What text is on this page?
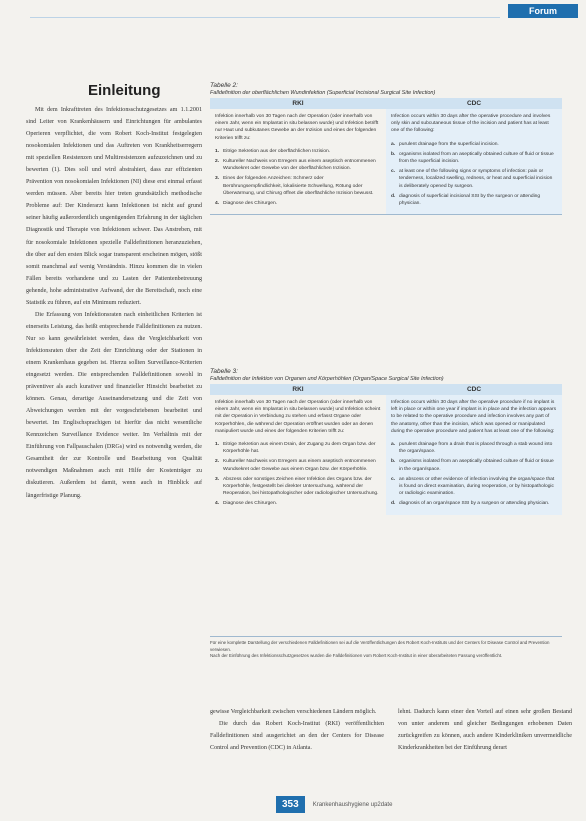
Forum
Einleitung

Mit dem Inkrafttreten des Infektionsschutzgesetzes am 1.1.2001 sind Leiter von Krankenhäusern und Einrichtungen für ambulantes Operieren verpflichtet, die vom Robert Koch-Institut festgelegten nosokomialen Infektionen und das Auftreten von Krankheitserregern mit speziellen Resistenzen und Multiresistenzen aufzuzeichnen und zu bewerten (1). Dies soll und wird abstrahiert, dass zur effizienten Prävention von nosokomialen Infektionen (NI) diese erst einmal erfasst werden müssen. Aber bereits hier treten grundsätzlich methodische Probleme auf: Der Kinderarzt kann Infektionen ist nicht auf grund seiner häufig außerordentlich ungenügenden Erfahrung in der täglichen Diagnostik und Therapie von Infektionen schwer. Das Anstreben, mit für nosokomiale Infektionen spezielle Falldefinitionen heranzuziehen, die über auf den ersten Blick sogar transparent erscheinen mögen, stößt somit manchmal auf wenig Verständnis. Hinzu kommen die in vielen Fällen bereits vorhandene und zu Lasten der Patientenbetreuung gehende, hohe administrative Aufwand, der die Bereitschaft, noch eine Statistik zu führen, auf ein Minimum reduziert.

Die Erfassung von Infektionsraten nach einheitlichen Kriterien ist einerseits Leistung, das heißt entsprechende Falldefinitionen zu nutzen. Nur so kann gewährleistet werden, dass die Vergleichbarkeit von Infektionsraten über die Zeit der Einrichtung oder der Stationen in einem Krankenhaus gegeben ist. Hierzu sollten Surveillance-Kriterien eingesetzt werden. Die entsprechenden Falldefinitionen sowohl in präventiver als auch kurativer und finanzieller Hinsicht bearbeitet zu können. Genau, derartige Auseinandersetzung und die Zeit von Abweichungen werden mit der vorgeschriebenen bearbeitet und bewertet. Im Englischsprachigen ist hierfür das nicht wesentliche Kennzeichen Surveillance Evidence weiter. Im Verhältnis mit der Einführung von Fallpauschalen (DRGs) wird es notwendig werden, die Gesamtheit der zur Kontrolle und Bearbeitung von Qualität notwendigen Maßnahmen auch mit Hilfe der Kostenträger zu diskutieren. Außerdem ist damit, wenn auch in Hinblick auf längerfristige Planung.

Tabelle 2:
Falldefinition der oberflächlichen Wundinfektion (Superficial Incisional Surgical Site Infection)
RKI	CDC
Infektion innerhalb von 30 Tagen nach der Operation (oder innerhalb von einem Jahr, wenn ein Implantat in situ belassen wurde) und Infektion betrifft nur Haut und subkutanes Gewebe an der Inzision und eines der folgenden Kriterien trifft zu:
1. Eitrige Sekretion aus der oberflächlichen Inzision.
2. Kultureller Nachweis von Erregern aus einem aseptisch entnommenen Wundsekret oder Gewebe von der oberflächlichen Inzision.
3. Eines der folgenden Anzeichen: Schmerz oder Berührungsempfindlichkeit, lokalisierte Schwellung, Rötung oder Überwärmung, und Chirurg öffnet die oberflächliche Inzision bewusst.
4. Diagnose des Chirurgen.
Infection occurs within 30 days after the operative procedure and involves only skin and subcutaneous tissue of the incision and patient has at least one of the following:
a. purulent drainage from the superficial incision.
b. organisms isolated from an aseptically obtained culture of fluid or tissue from the superficial incision.
c. at least one of the following signs or symptoms of infection: pain or tenderness, localized swelling, redness, or heat and superficial incision is deliberately opened by surgeon.
d. diagnosis of superficial incisional SSI by the surgeon or attending physician.
Tabelle 3:
Falldefinition der Infektion von Organen und Körperhöhlen (Organ/Space Surgical Site Infection)
RKI	CDC
Infektion innerhalb von 30 Tagen nach der Operation (oder innerhalb von einem Jahr, wenn ein Implantat in situ belassen wurde) und Infektion scheint mit der Operation in Verbindung zu stehen und erfasst Organe oder Körperhöhlen, die während der Operation eröffnet wurden oder an denen manipuliert wurde und eines der folgenden Kriterien trifft zu:
1. Eitrige Sekretion aus einem Drain, der Zugang zu dem Organ bzw. der Körperhöhle hat.
2. Kultureller Nachweis von Erregern aus einem aseptisch entnommenen Wundsekret oder Gewebe aus einem Organ bzw. der Körperhöhle.
3. Abszess oder sonstiges Zeichen einer Infektion des Organs bzw. der Körperhöhle, festgestellt bei direkter Untersuchung, während der Reoperation, bei histopathologischer oder radiologischer Untersuchung.
4. Diagnose des Chirurgen.
Infection occurs within 30 days after the operative procedure if no implant is left in place or within one year if implant is in place and the infection appears to be related to the operative procedure and infection involves any part of the anatomy, other than the incision, which was opened or manipulated during the operative procedure and patient has at least one of the following:
a. purulent drainage from a drain that is placed through a stab wound into the organ/space.
b. organisms isolated from an aseptically obtained culture of fluid or tissue in the organ/space.
c. an abscess or other evidence of infection involving the organ/space that is found on direct examination, during reoperation, or by histopathologic or radiologic examination.
d. diagnosis of an organ/space SSI by a surgeon or attending physician.

Für eine komplette Darstellung der verschiedenen Falldefinitionen sei auf die Veröffentlichungen des Robert Koch-Instituts und der Centers for Disease Control and Prevention verwiesen.

Nach der Einführung des Infektionsschutzgesetzes wurden die Falldefinitionen vom Robert Koch-Institut in einer überarbeiteten Fassung veröffentlicht.

gewisse Vergleichbarkeit zwischen verschiedenen Ländern möglich.

Die durch das Robert Koch-Institut (RKI) veröffentlichten Falldefinitionen sind ausgerichtet an den der Centers for Disease Control and Prevention (CDC) in Atlanta.

lehnt. Dadurch kann einer den Vorteil auf einen sehr großen Bestand von unter anderem und gleicher Bedingungen erhobenen Daten zurückgreifen zu können, auch andere Kinderkliniken unvermeidliche Kinderkrankheiten bei der Einführung derart

353	Krankenhaushygiene up2date
